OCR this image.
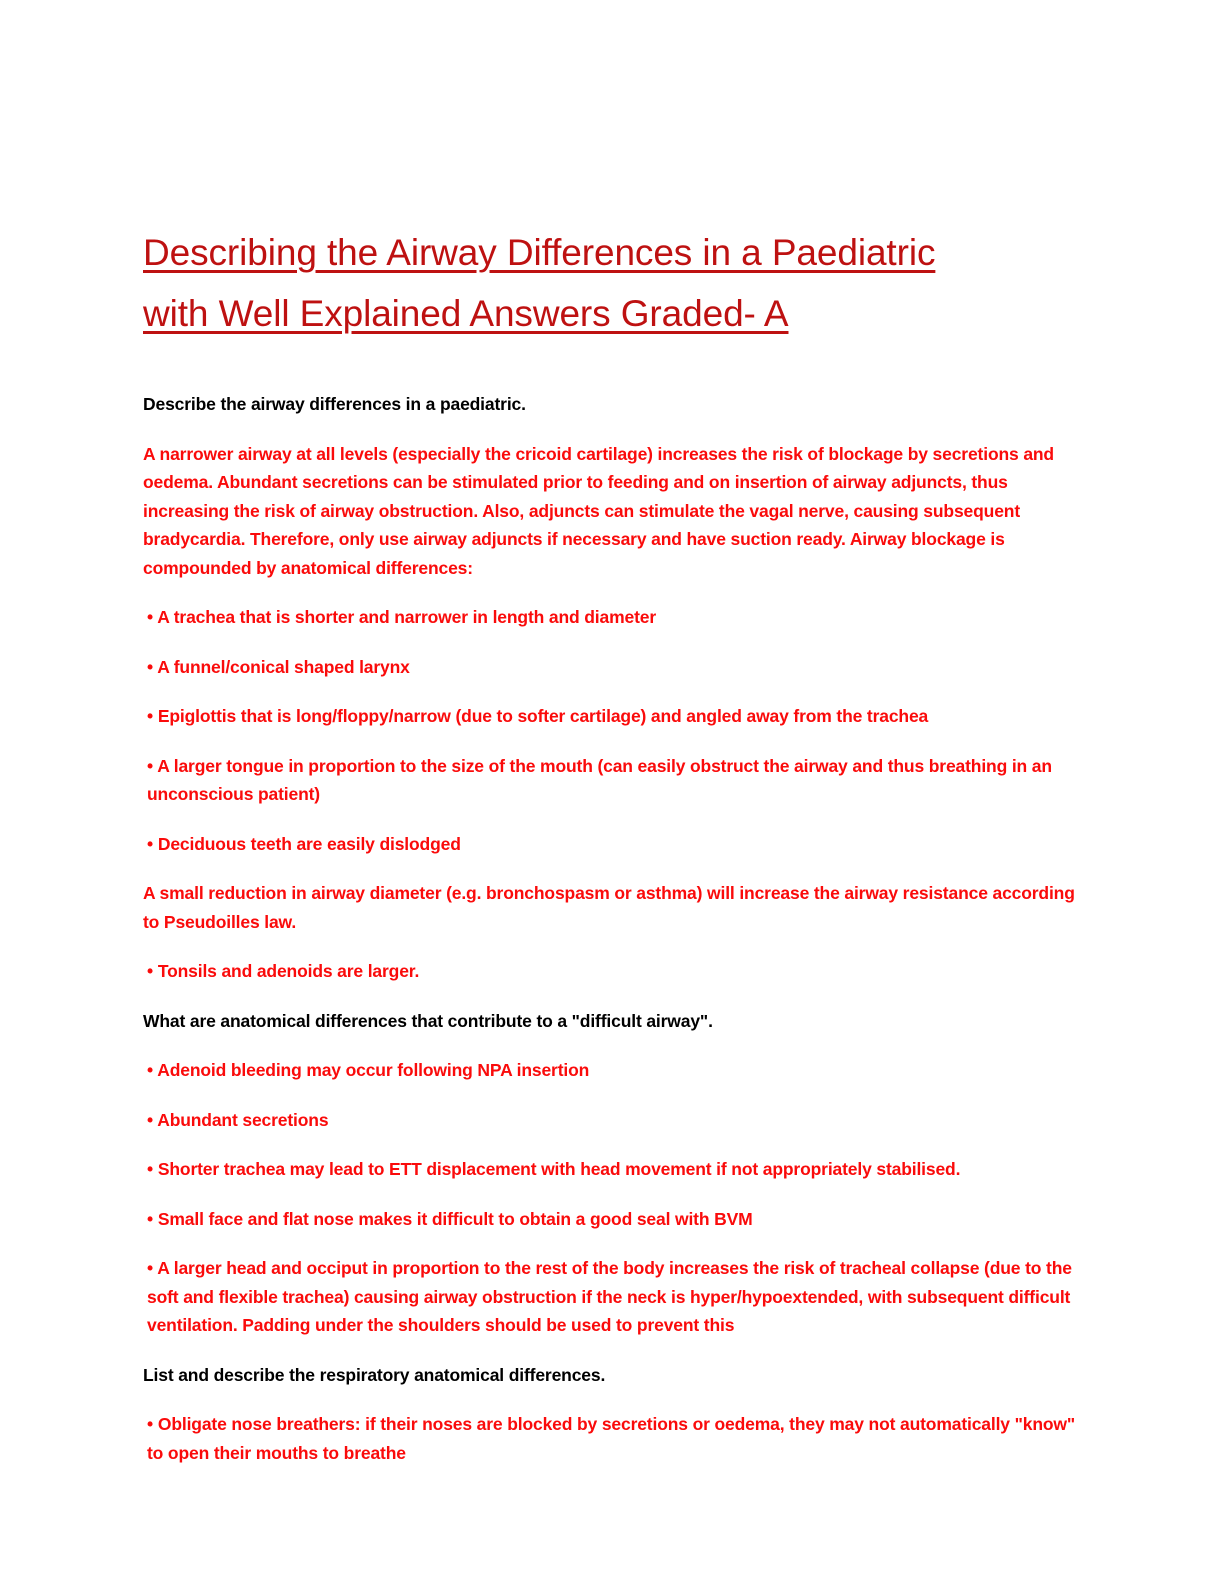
Describing the Airway Differences in a Paediatric
with Well Explained Answers Graded- A

Describe the airway differences in a paediatric.

A narrower airway at all levels (especially the cricoid cartilage) increases the risk of blockage by secretions and oedema. Abundant secretions can be stimulated prior to feeding and on insertion of airway adjuncts, thus increasing the risk of airway obstruction. Also, adjuncts can stimulate the vagal nerve, causing subsequent bradycardia. Therefore, only use airway adjuncts if necessary and have suction ready. Airway blockage is compounded by anatomical differences:

• A trachea that is shorter and narrower in length and diameter

• A funnel/conical shaped larynx

• Epiglottis that is long/floppy/narrow (due to softer cartilage) and angled away from the trachea

• A larger tongue in proportion to the size of the mouth (can easily obstruct the airway and thus breathing in an unconscious patient)

• Deciduous teeth are easily dislodged

A small reduction in airway diameter (e.g. bronchospasm or asthma) will increase the airway resistance according to Pseudoilles law.

• Tonsils and adenoids are larger.

What are anatomical differences that contribute to a "difficult airway".

• Adenoid bleeding may occur following NPA insertion

• Abundant secretions

• Shorter trachea may lead to ETT displacement with head movement if not appropriately stabilised.

• Small face and flat nose makes it difficult to obtain a good seal with BVM

• A larger head and occiput in proportion to the rest of the body increases the risk of tracheal collapse (due to the soft and flexible trachea) causing airway obstruction if the neck is hyper/hypoextended, with subsequent difficult ventilation. Padding under the shoulders should be used to prevent this

List and describe the respiratory anatomical differences.

• Obligate nose breathers: if their noses are blocked by secretions or oedema, they may not automatically "know" to open their mouths to breathe
